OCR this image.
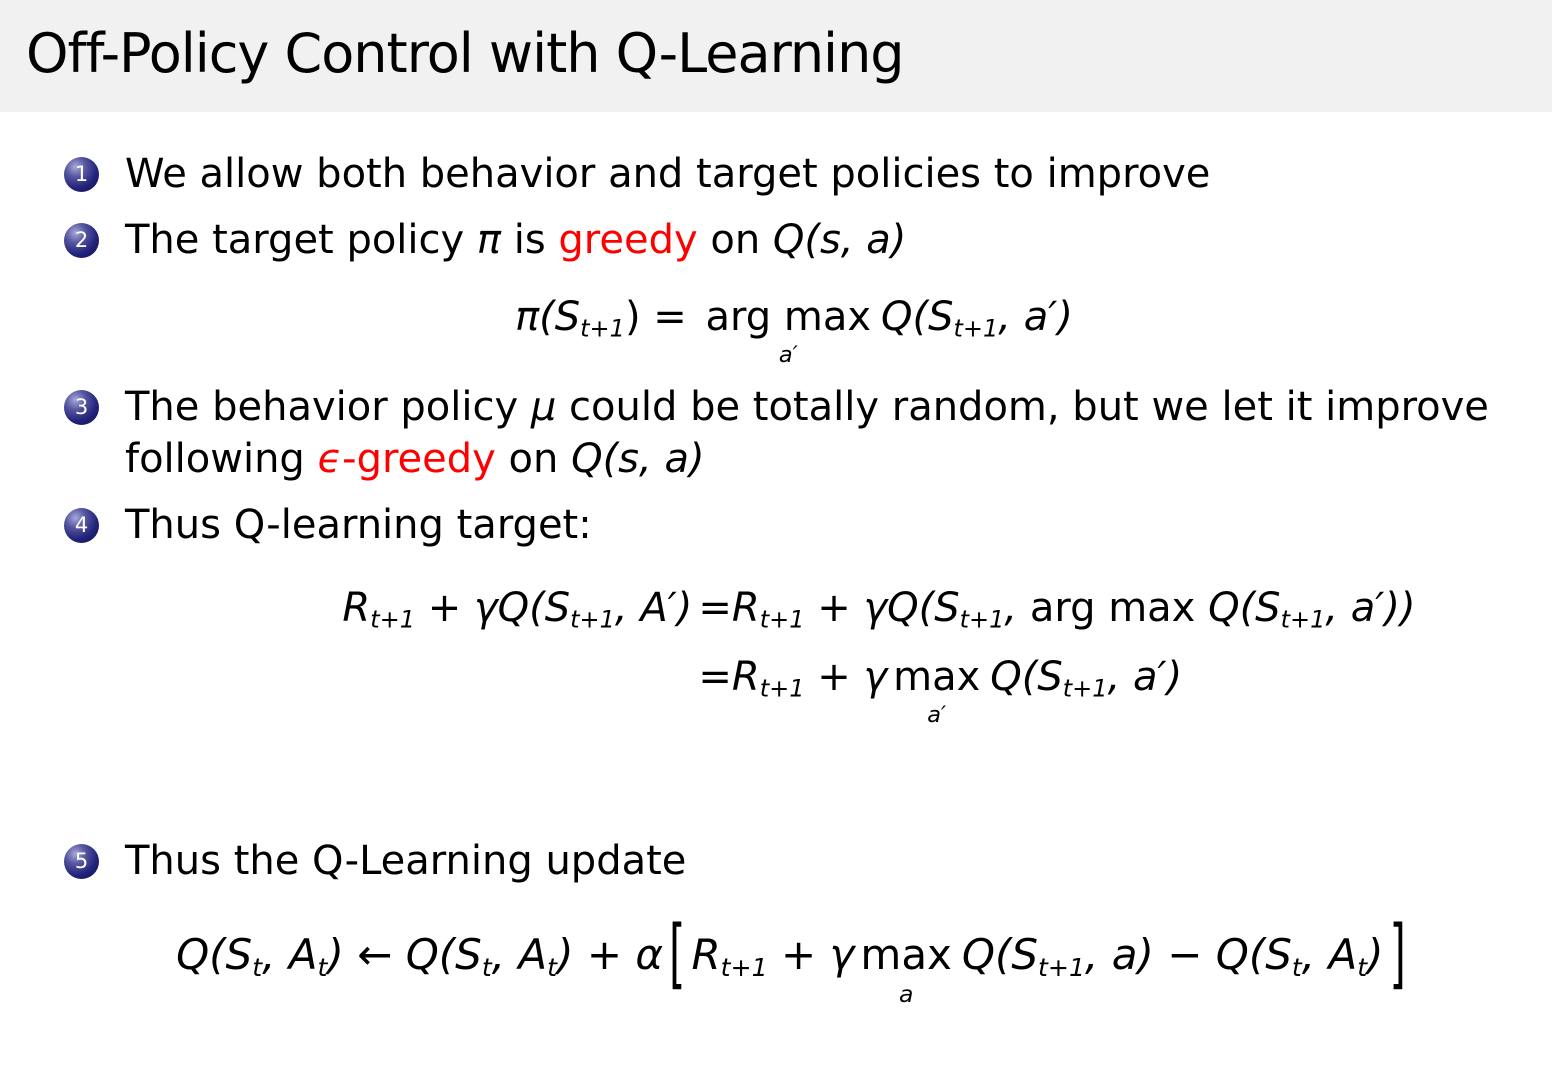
Off-Policy Control with Q-Learning
1 We allow both behavior and target policies to improve
2 The target policy π is greedy on Q(s, a)
π(St+1) = arg max
a′
Q(St+1, a′)
3 The behavior policy μ could be totally random, but we let it improve following ϵ-greedy on Q(s, a)
4 Thus Q-learning target:
Rt+1 + γQ(St+1, A′) =Rt+1 + γQ(St+1, arg max Q(St+1, a′))
=Rt+1 + γ max
a′
Q(St+1, a′)
5 Thus the Q-Learning update
Q(St, At) ← Q(St, At) + α [ Rt+1 + γ max
a
Q(St+1, a) − Q(St, At) ]
